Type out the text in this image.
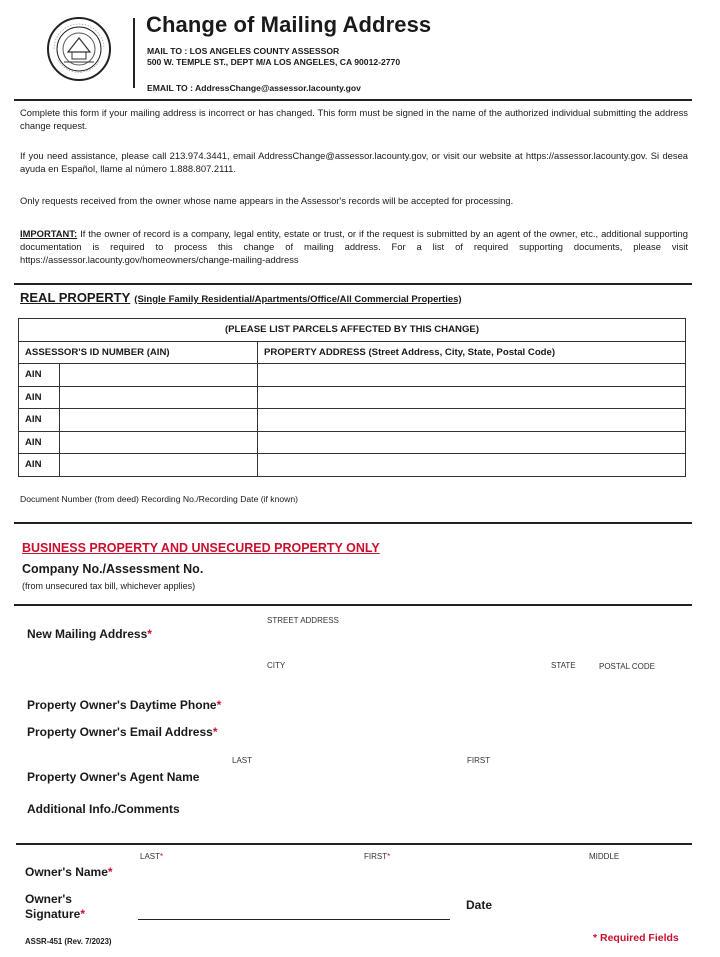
Change of Mailing Address
MAIL TO : LOS ANGELES COUNTY ASSESSOR
500 W. TEMPLE ST., DEPT M/A LOS ANGELES, CA 90012-2770
EMAIL TO : AddressChange@assessor.lacounty.gov
Complete this form if your mailing address is incorrect or has changed. This form must be signed in the name of the authorized individual submitting the address change request.
If you need assistance, please call 213.974.3441, email AddressChange@assessor.lacounty.gov, or visit our website at https://assessor.lacounty.gov. Si desea ayuda en Español, llame al número 1.888.807.2111.
Only requests received from the owner whose name appears in the Assessor's records will be accepted for processing.
IMPORTANT: If the owner of record is a company, legal entity, estate or trust, or if the request is submitted by an agent of the owner, etc., additional supporting documentation is required to process this change of mailing address. For a list of required supporting documents, please visit https://assessor.lacounty.gov/homeowners/change-mailing-address
REAL PROPERTY (Single Family Residential/Apartments/Office/All Commercial Properties)
(PLEASE LIST PARCELS AFFECTED BY THIS CHANGE)		
ASSESSOR'S ID NUMBER (AIN)		PROPERTY ADDRESS (Street Address, City, State, Postal Code)
AIN		
AIN		
AIN		
AIN		
AIN		
Document Number (from deed) Recording No./Recording Date (if known)
BUSINESS PROPERTY AND UNSECURED PROPERTY ONLY
Company No./Assessment No.
(from unsecured tax bill, whichever applies)
STREET ADDRESS
New Mailing Address*
CITY	STATE	POSTAL CODE
Property Owner's Daytime Phone*
Property Owner's Email Address*
LAST	FIRST
Property Owner's Agent Name
Additional Info./Comments
LAST*	FIRST*	MIDDLE
Owner's Name*
Owner's
Signature*
Date
ASSR-451 (Rev. 7/2023)	* Required Fields
